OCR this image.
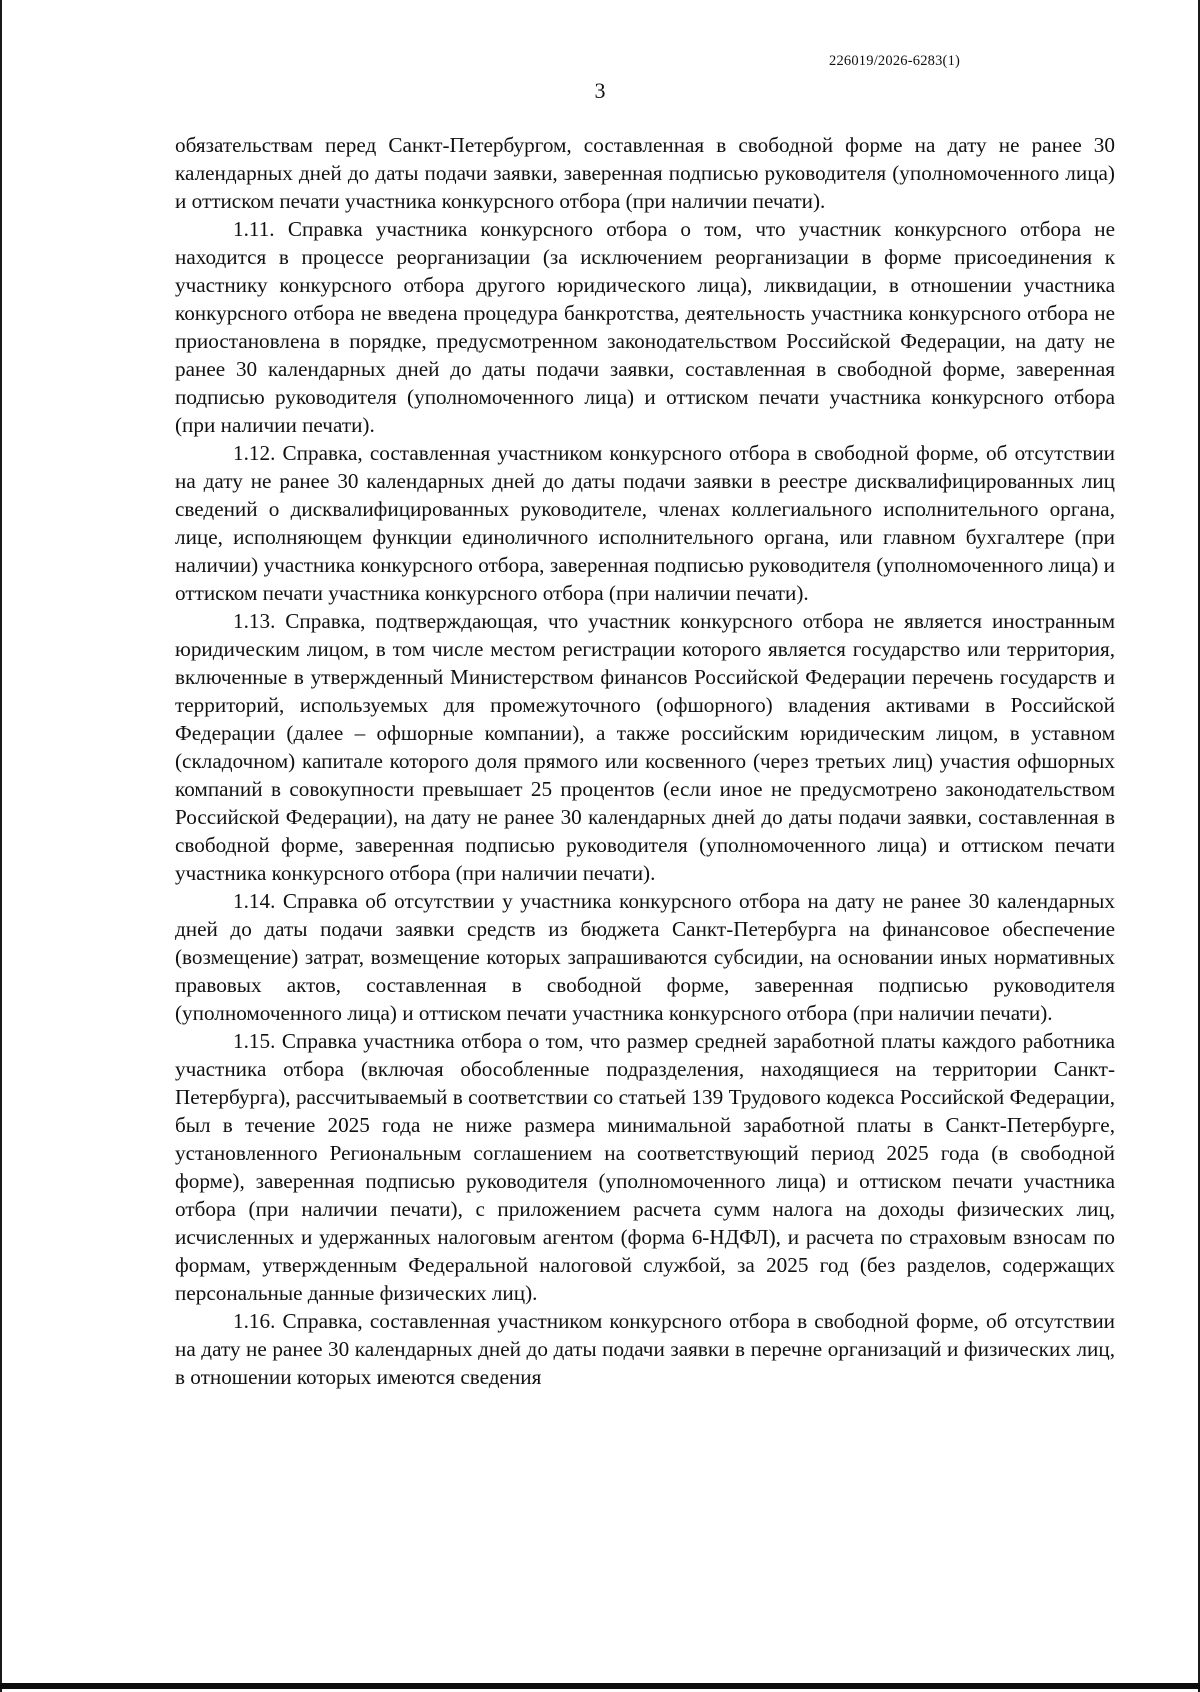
226019/2026-6283(1)
3

обязательствам перед Санкт-Петербургом, составленная в свободной форме на дату не ранее 30 календарных дней до даты подачи заявки, заверенная подписью руководителя (уполномоченного лица) и оттиском печати участника конкурсного отбора (при наличии печати).

1.11. Справка участника конкурсного отбора о том, что участник конкурсного отбора не находится в процессе реорганизации (за исключением реорганизации в форме присоединения к участнику конкурсного отбора другого юридического лица), ликвидации, в отношении участника конкурсного отбора не введена процедура банкротства, деятельность участника конкурсного отбора не приостановлена в порядке, предусмотренном законодательством Российской Федерации, на дату не ранее 30 календарных дней до даты подачи заявки, составленная в свободной форме, заверенная подписью руководителя (уполномоченного лица) и оттиском печати участника конкурсного отбора (при наличии печати).

1.12. Справка, составленная участником конкурсного отбора в свободной форме, об отсутствии на дату не ранее 30 календарных дней до даты подачи заявки в реестре дисквалифицированных лиц сведений о дисквалифицированных руководителе, членах коллегиального исполнительного органа, лице, исполняющем функции единоличного исполнительного органа, или главном бухгалтере (при наличии) участника конкурсного отбора, заверенная подписью руководителя (уполномоченного лица) и оттиском печати участника конкурсного отбора (при наличии печати).

1.13. Справка, подтверждающая, что участник конкурсного отбора не является иностранным юридическим лицом, в том числе местом регистрации которого является государство или территория, включенные в утвержденный Министерством финансов Российской Федерации перечень государств и территорий, используемых для промежуточного (офшорного) владения активами в Российской Федерации (далее – офшорные компании), а также российским юридическим лицом, в уставном (складочном) капитале которого доля прямого или косвенного (через третьих лиц) участия офшорных компаний в совокупности превышает 25 процентов (если иное не предусмотрено законодательством Российской Федерации), на дату не ранее 30 календарных дней до даты подачи заявки, составленная в свободной форме, заверенная подписью руководителя (уполномоченного лица) и оттиском печати участника конкурсного отбора (при наличии печати).

1.14. Справка об отсутствии у участника конкурсного отбора на дату не ранее 30 календарных дней до даты подачи заявки средств из бюджета Санкт-Петербурга на финансовое обеспечение (возмещение) затрат, возмещение которых запрашиваются субсидии, на основании иных нормативных правовых актов, составленная в свободной форме, заверенная подписью руководителя (уполномоченного лица) и оттиском печати участника конкурсного отбора (при наличии печати).

1.15. Справка участника отбора о том, что размер средней заработной платы каждого работника участника отбора (включая обособленные подразделения, находящиеся на территории Санкт-Петербурга), рассчитываемый в соответствии со статьей 139 Трудового кодекса Российской Федерации, был в течение 2025 года не ниже размера минимальной заработной платы в Санкт-Петербурге, установленного Региональным соглашением на соответствующий период 2025 года (в свободной форме), заверенная подписью руководителя (уполномоченного лица) и оттиском печати участника отбора (при наличии печати), с приложением расчета сумм налога на доходы физических лиц, исчисленных и удержанных налоговым агентом (форма 6-НДФЛ), и расчета по страховым взносам по формам, утвержденным Федеральной налоговой службой, за 2025 год (без разделов, содержащих персональные данные физических лиц).

1.16. Справка, составленная участником конкурсного отбора в свободной форме, об отсутствии на дату не ранее 30 календарных дней до даты подачи заявки в перечне организаций и физических лиц, в отношении которых имеются сведения
